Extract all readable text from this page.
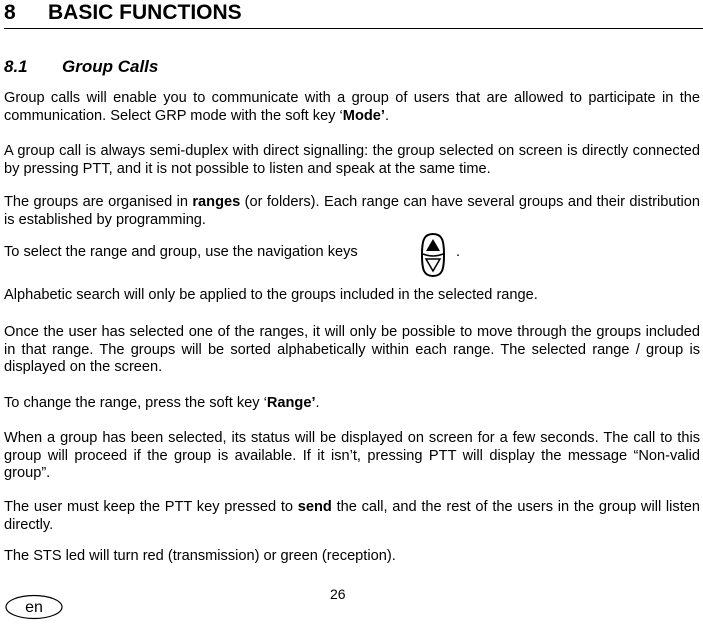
8 BASIC FUNCTIONS
8.1 Group Calls

Group calls will enable you to communicate with a group of users that are allowed to participate in the communication. Select GRP mode with the soft key ‘Mode’.

A group call is always semi-duplex with direct signalling: the group selected on screen is directly connected by pressing PTT, and it is not possible to listen and speak at the same time.

The groups are organised in ranges (or folders). Each range can have several groups and their distribution is established by programming.

To select the range and group, use the navigation keys	.

Alphabetic search will only be applied to the groups included in the selected range.

Once the user has selected one of the ranges, it will only be possible to move through the groups included in that range. The groups will be sorted alphabetically within each range. The selected range / group is displayed on the screen.

To change the range, press the soft key ‘Range’.

When a group has been selected, its status will be displayed on screen for a few seconds. The call to this group will proceed if the group is available. If it isn’t, pressing PTT will display the message “Non-valid group”.

The user must keep the PTT key pressed to send the call, and the rest of the users in the group will listen directly.

The STS led will turn red (transmission) or green (reception).

26
en
